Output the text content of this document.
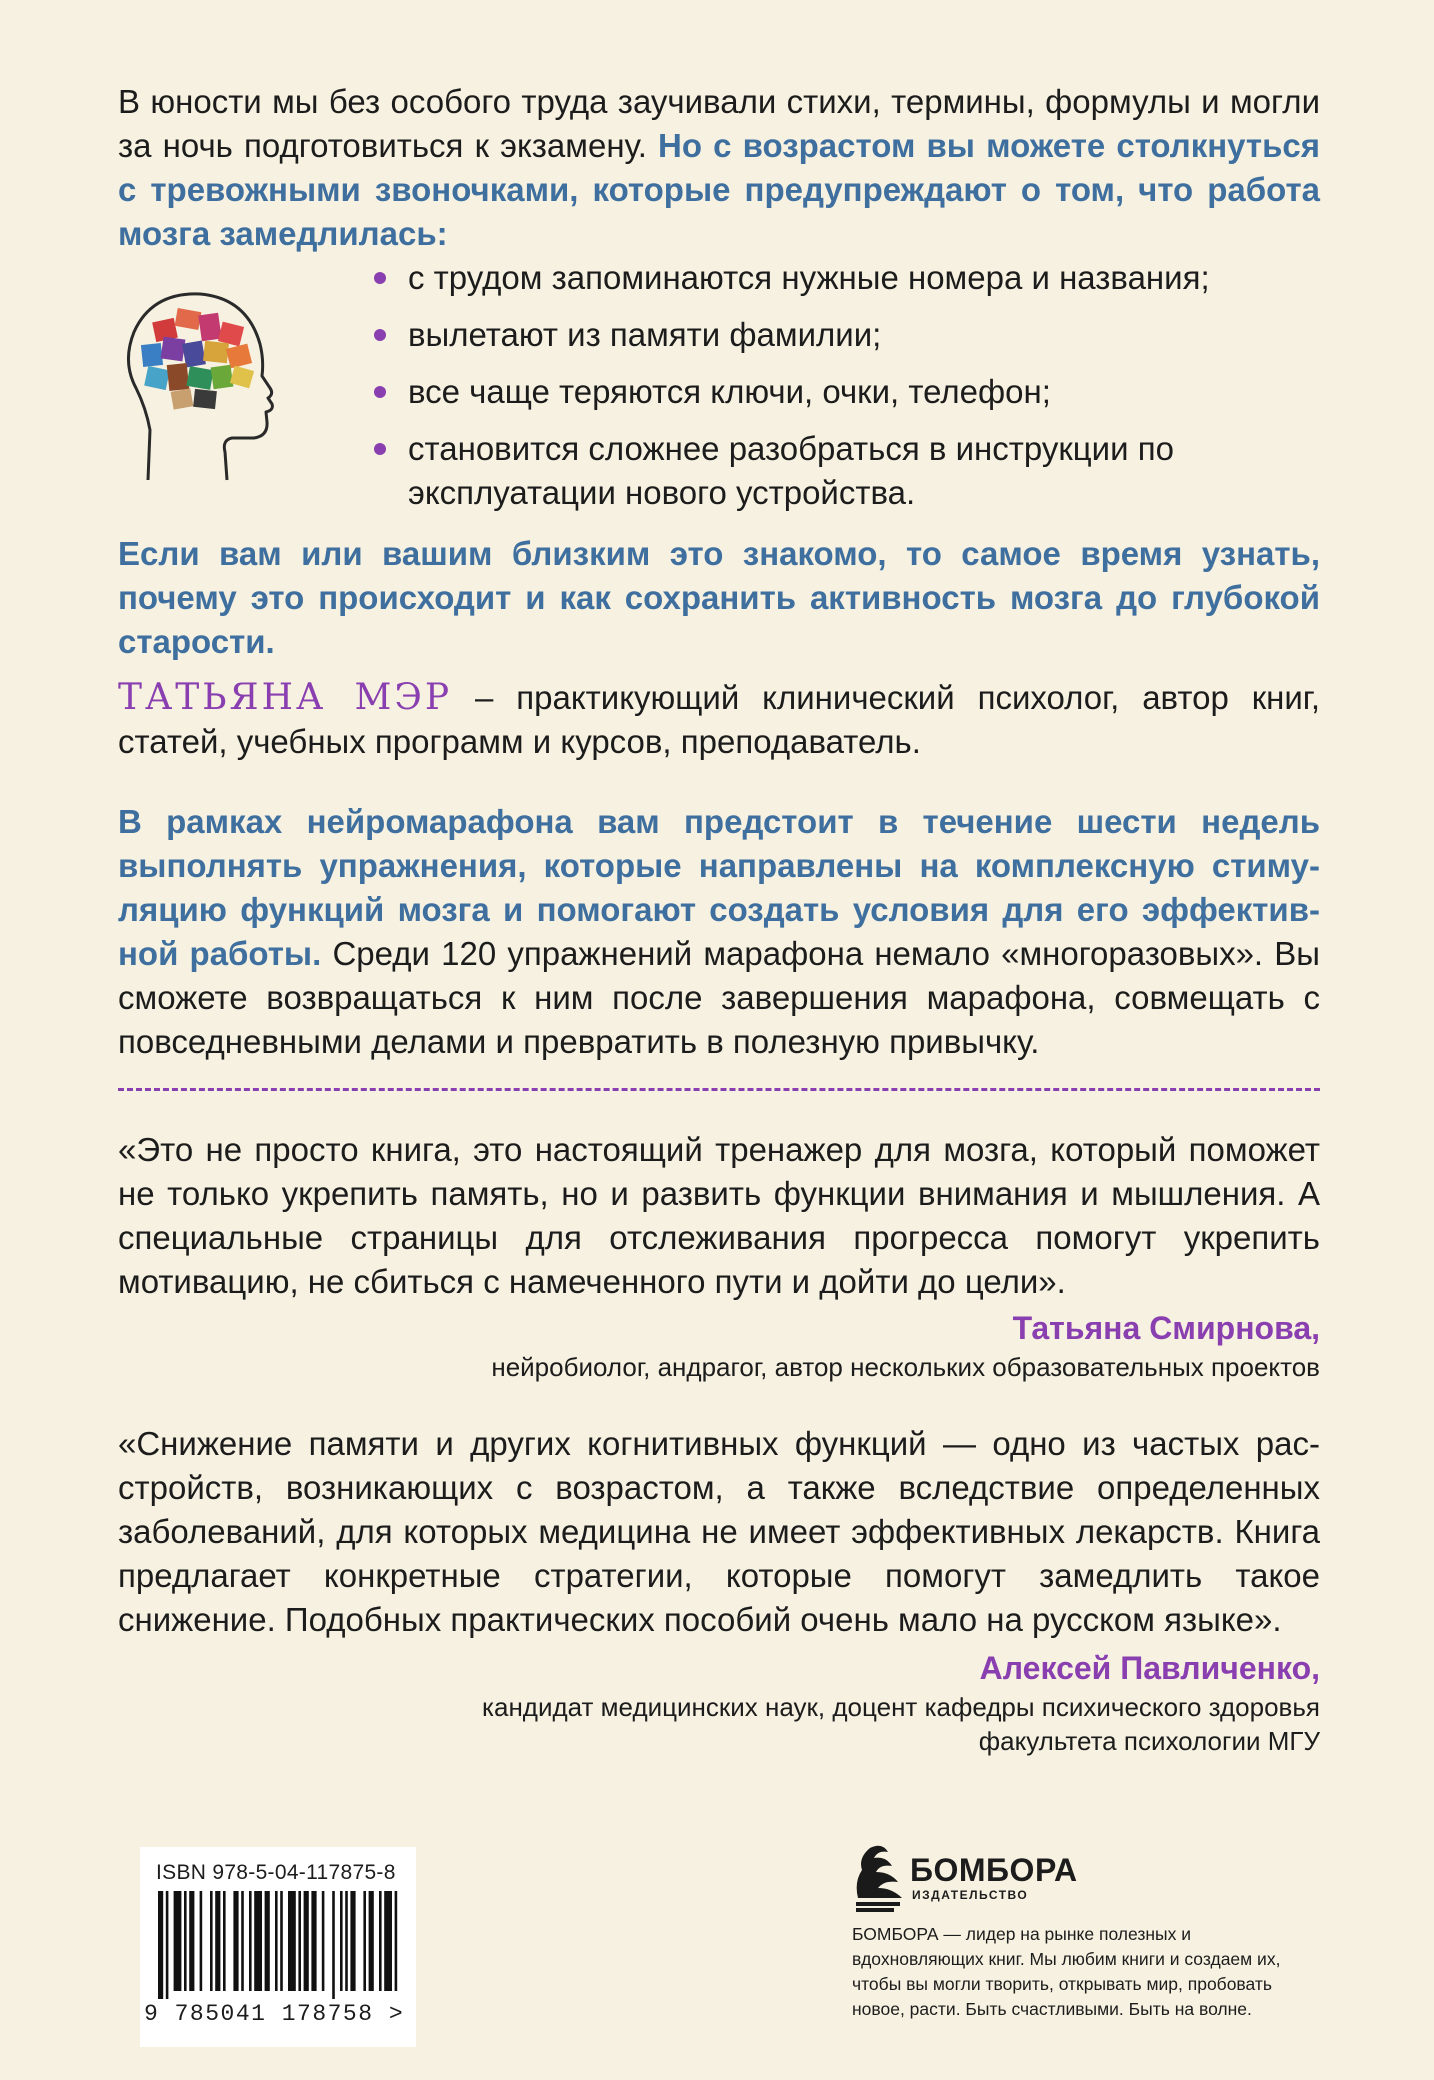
В юности мы без особого труда заучивали стихи, термины, формулы и могли за ночь подготовиться к экзамену. Но с возрастом вы можете столкнуться с тревожными звоночками, которые предупреждают о том, что работа мозга замедлилась:

с трудом запоминаются нужные номера и названия;
вылетают из памяти фамилии;
все чаще теряются ключи, очки, телефон;
становится сложнее разобраться в инструкции по эксплуатации нового устройства.

Если вам или вашим близким это знакомо, то самое время узнать, почему это происходит и как сохранить активность мозга до глубокой старости.

ТАТЬЯНА МЭР – практикующий клинический психолог, автор книг, статей, учебных программ и курсов, преподаватель.

В рамках нейромарафона вам предстоит в течение шести недель выполнять упражнения, которые направлены на комплексную стимуляцию функций мозга и помогают создать условия для его эффективной работы. Среди 120 упражнений марафона немало «многоразовых». Вы сможете возвращаться к ним после завершения марафона, совмещать с повседневными делами и превратить в полезную привычку.

«Это не просто книга, это настоящий тренажер для мозга, который поможет не только укрепить память, но и развить функции внимания и мышления. А специальные страницы для отслеживания прогресса помогут укрепить мотивацию, не сбиться с намеченного пути и дойти до цели».

Татьяна Смирнова,
нейробиолог, андрагог, автор нескольких образовательных проектов

«Снижение памяти и других когнитивных функций — одно из частых расстройств, возникающих с возрастом, а также вследствие определенных заболеваний, для которых медицина не имеет эффективных лекарств. Книга предлагает конкретные стратегии, которые помогут замедлить такое снижение. Подобных практических пособий очень мало на русском языке».

Алексей Павличенко,
кандидат медицинских наук, доцент кафедры психического здоровья факультета психологии МГУ
ISBN 978-5-04-117875-8
9 785041 178758 >
БОМБОРА
ИЗДАТЕЛЬСТВО

БОМБОРА — лидер на рынке полезных и вдохновляющих книг. Мы любим книги и создаем их, чтобы вы могли творить, открывать мир, пробовать новое, расти. Быть счастливыми. Быть на волне.
